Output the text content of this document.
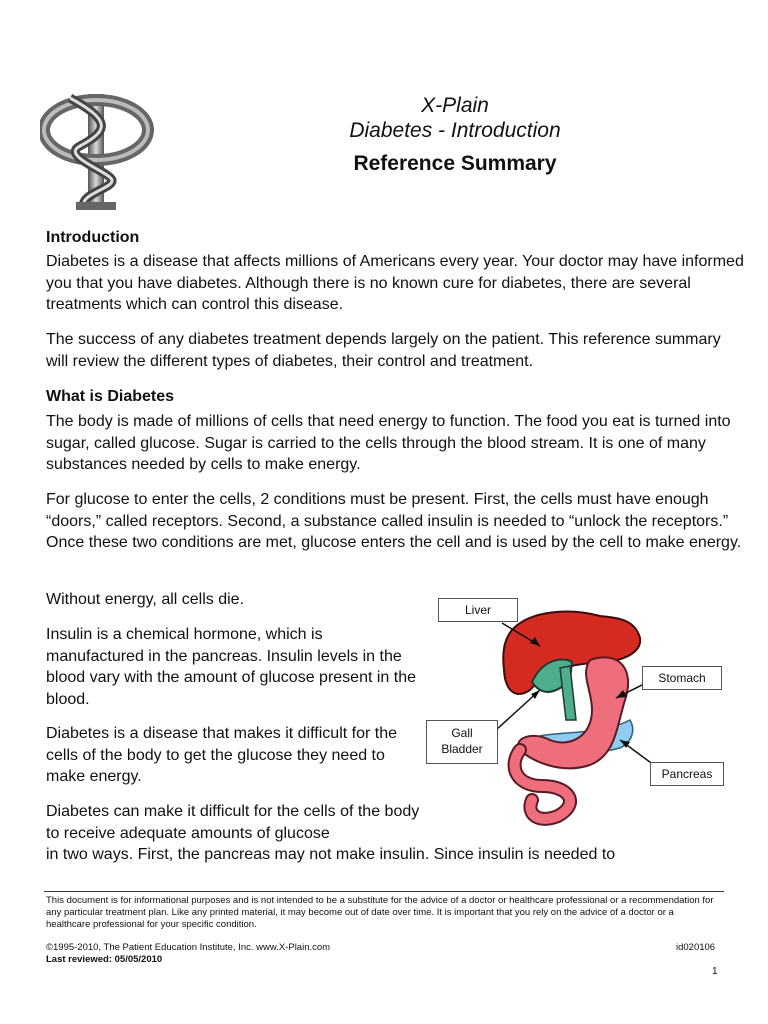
X-Plain
Diabetes - Introduction
Reference Summary
Introduction

Diabetes is a disease that affects millions of Americans every year. Your doctor may have informed you that you have diabetes. Although there is no known cure for diabetes, there are several treatments which can control this disease.

The success of any diabetes treatment depends largely on the patient. This reference summary will review the different types of diabetes, their control and treatment.

What is Diabetes

The body is made of millions of cells that need energy to function. The food you eat is turned into sugar, called glucose. Sugar is carried to the cells through the blood stream. It is one of many substances needed by cells to make energy.

For glucose to enter the cells, 2 conditions must be present. First, the cells must have enough “doors,” called receptors. Second, a substance called insulin is needed to “unlock the receptors.” Once these two conditions are met, glucose enters the cell and is used by the cell to make energy.

Without energy, all cells die.

Insulin is a chemical hormone, which is manufactured in the pancreas. Insulin levels in the blood vary with the amount of glucose present in the blood.

Diabetes is a disease that makes it difficult for the cells of the body to get the glucose they need to make energy.

Diabetes can make it difficult for the cells of the body to receive adequate amounts of glucose

in two ways. First, the pancreas may not make insulin. Since insulin is needed to

Liver
Stomach
Gall
Bladder
Pancreas

This document is for informational purposes and is not intended to be a substitute for the advice of a doctor or healthcare professional or a recommendation for any particular treatment plan. Like any printed material, it may become out of date over time. It is important that you rely on the advice of a doctor or a healthcare professional for your specific condition.

©1995-2010, The Patient Education Institute, Inc. www.X-Plain.com
Last reviewed: 05/05/2010
id020106
1
